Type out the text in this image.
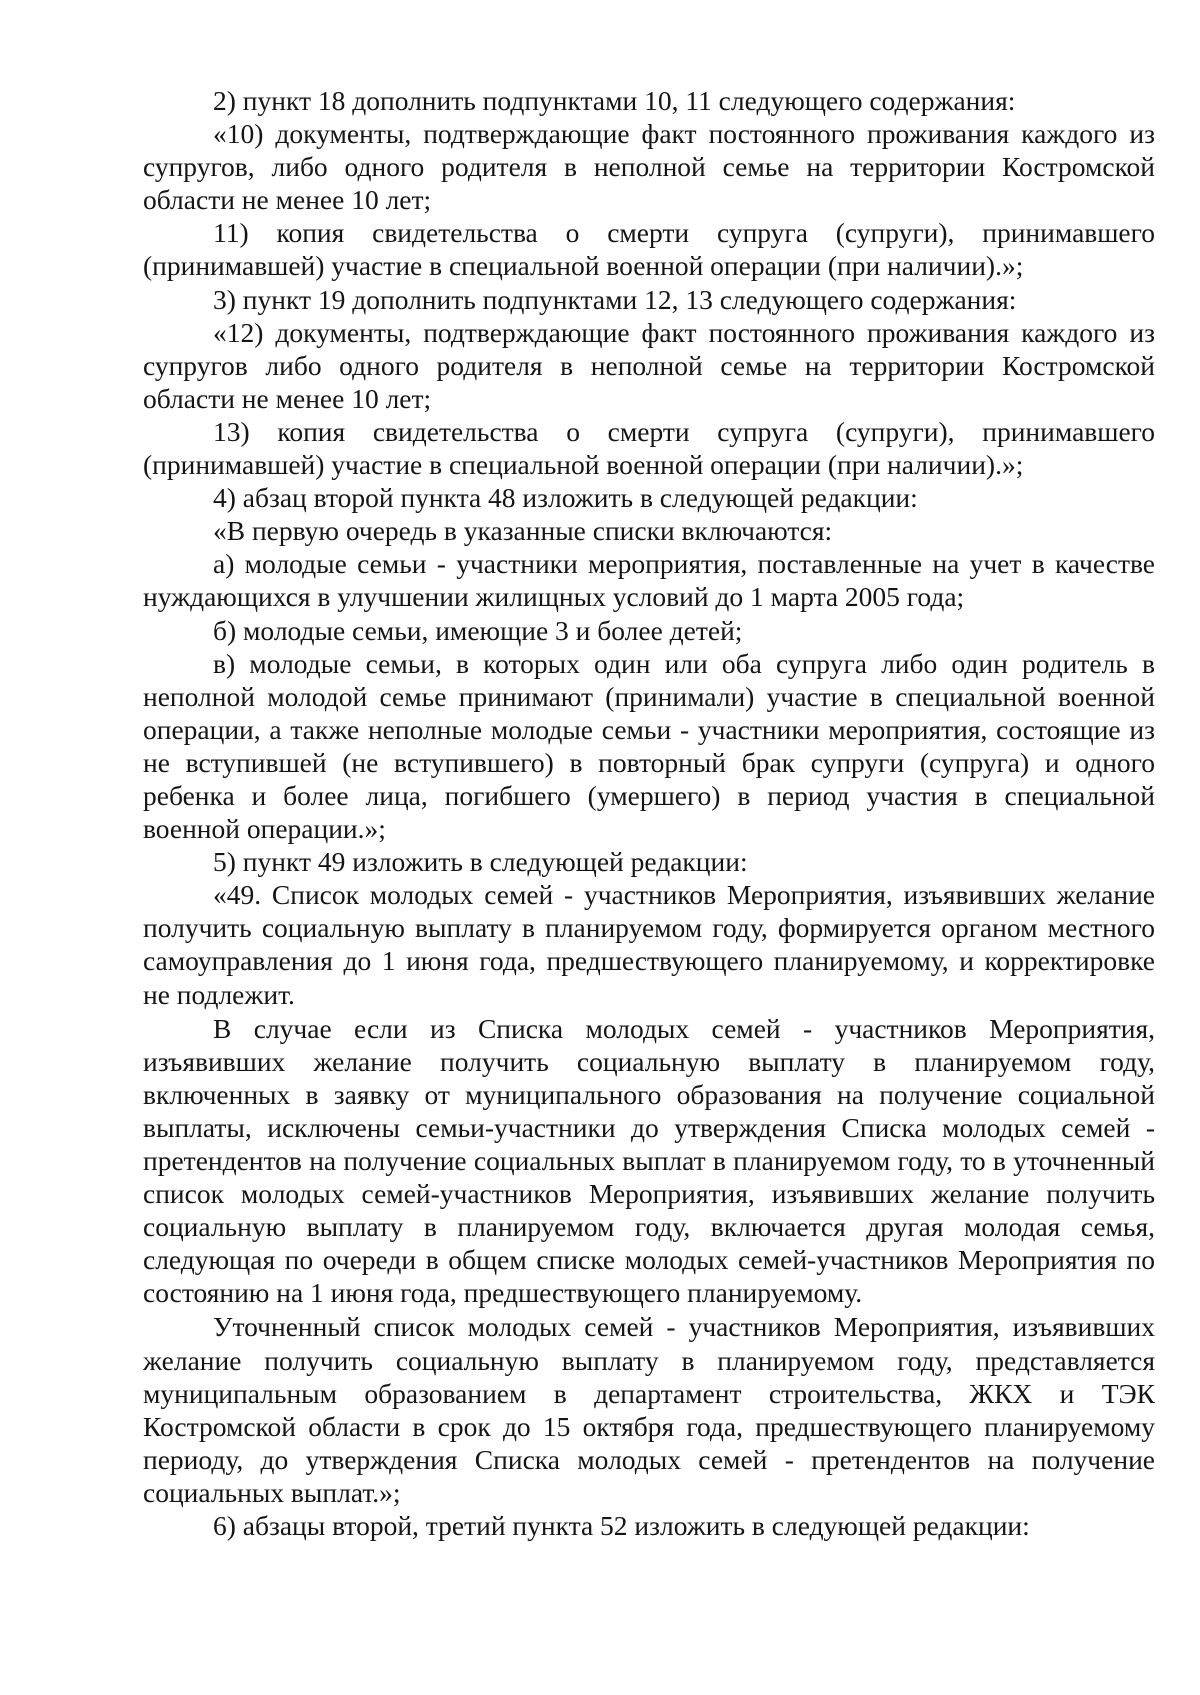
2) пункт 18 дополнить подпунктами 10, 11 следующего содержания:

«10) документы, подтверждающие факт постоянного проживания каждого из супругов, либо одного родителя в неполной семье на территории Костромской области не менее 10 лет;

11) копия свидетельства о смерти супруга (супруги), принимавшего (принимавшей) участие в специальной военной операции (при наличии).»;

3) пункт 19 дополнить подпунктами 12, 13 следующего содержания:

«12) документы, подтверждающие факт постоянного проживания каждого из супругов либо одного родителя в неполной семье на территории Костромской области не менее 10 лет;

13) копия свидетельства о смерти супруга (супруги), принимавшего (принимавшей) участие в специальной военной операции (при наличии).»;

4) абзац второй пункта 48 изложить в следующей редакции:

«В первую очередь в указанные списки включаются:

а) молодые семьи - участники мероприятия, поставленные на учет в качестве нуждающихся в улучшении жилищных условий до 1 марта 2005 года;

б) молодые семьи, имеющие 3 и более детей;

в) молодые семьи, в которых один или оба супруга либо один родитель в неполной молодой семье принимают (принимали) участие в специальной военной операции, а также неполные молодые семьи - участники мероприятия, состоящие из не вступившей (не вступившего) в повторный брак супруги (супруга) и одного ребенка и более лица, погибшего (умершего) в период участия в специальной военной операции.»;

5) пункт 49 изложить в следующей редакции:

«49. Список молодых семей - участников Мероприятия, изъявивших желание получить социальную выплату в планируемом году, формируется органом местного самоуправления до 1 июня года, предшествующего планируемому, и корректировке не подлежит.

В случае если из Списка молодых семей - участников Мероприятия, изъявивших желание получить социальную выплату в планируемом году, включенных в заявку от муниципального образования на получение социальной выплаты, исключены семьи-участники до утверждения Списка молодых семей - претендентов на получение социальных выплат в планируемом году, то в уточненный список молодых семей-участников Мероприятия, изъявивших желание получить социальную выплату в планируемом году, включается другая молодая семья, следующая по очереди в общем списке молодых семей-участников Мероприятия по состоянию на 1 июня года, предшествующего планируемому.

Уточненный список молодых семей - участников Мероприятия, изъявивших желание получить социальную выплату в планируемом году, представляется муниципальным образованием в департамент строительства, ЖКХ и ТЭК Костромской области в срок до 15 октября года, предшествующего планируемому периоду, до утверждения Списка молодых семей - претендентов на получение социальных выплат.»;

6) абзацы второй, третий пункта 52 изложить в следующей редакции:
